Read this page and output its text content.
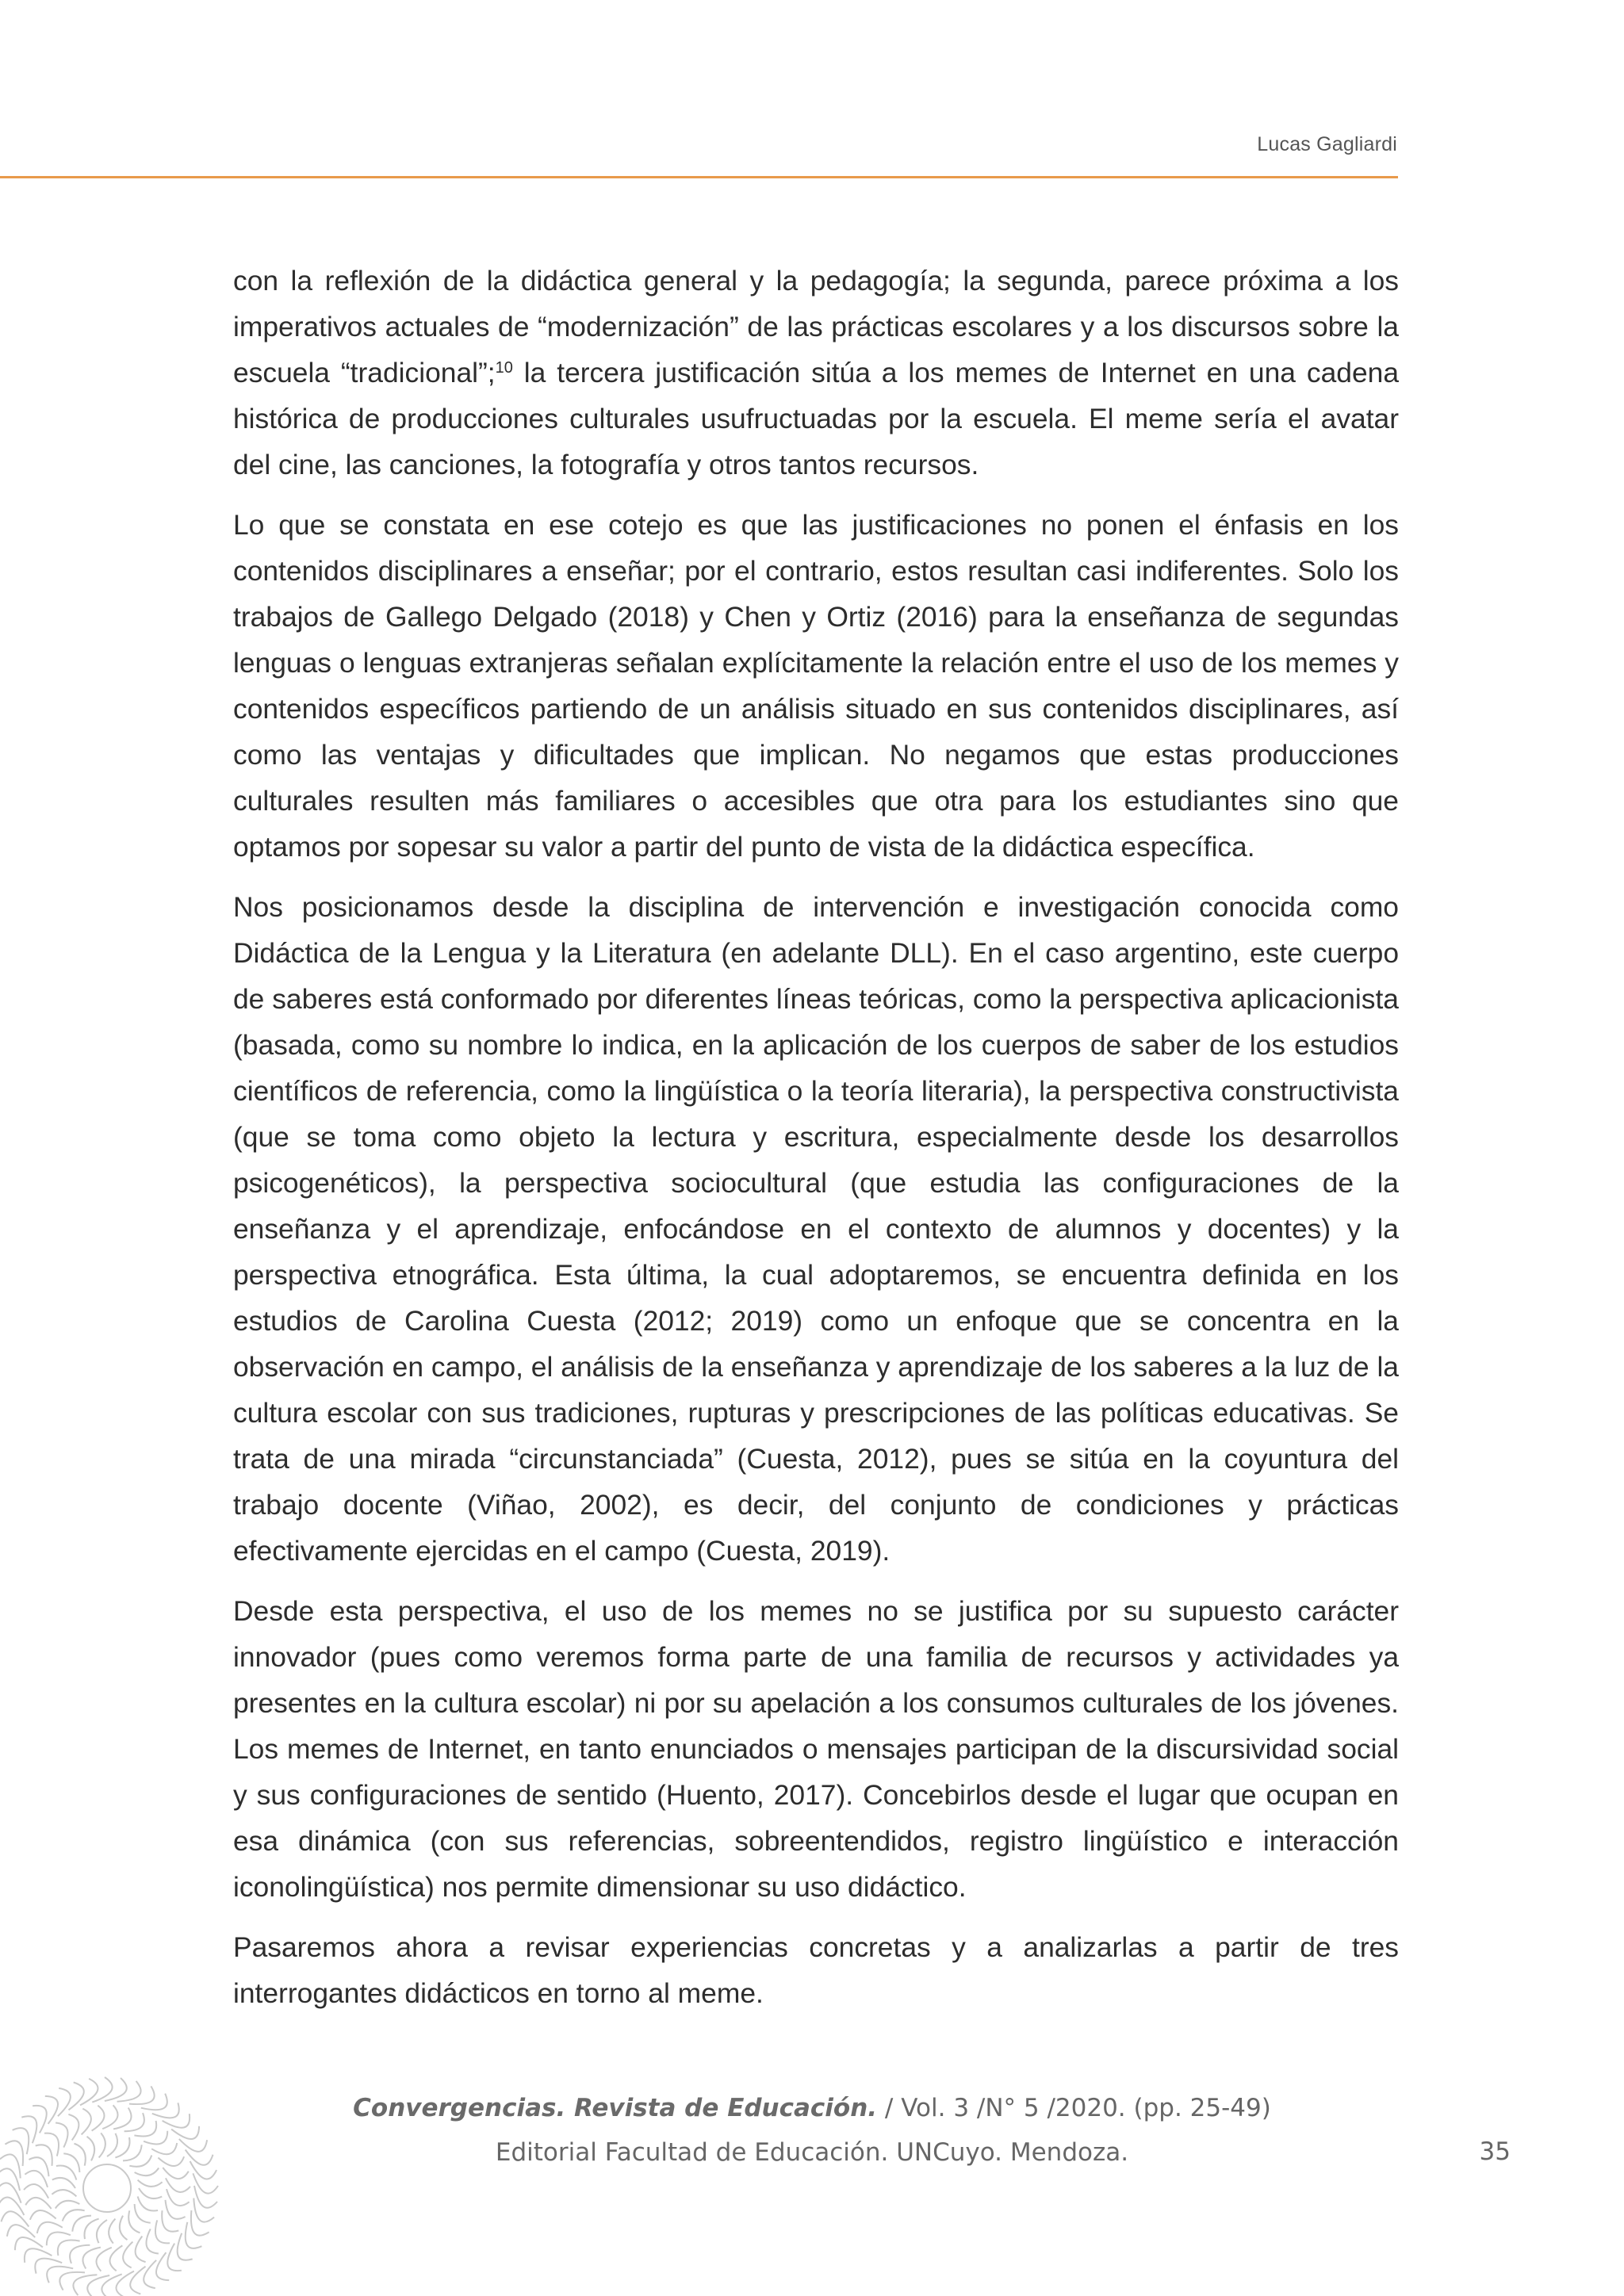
Lucas Gagliardi

con la reflexión de la didáctica general y la pedagogía; la segunda, parece próxima a los imperativos actuales de “modernización” de las prácticas escolares y a los discursos sobre la escuela “tradicional”;$^{10}$ la tercera justificación sitúa a los memes de Internet en una cadena histórica de producciones culturales usufructuadas por la escuela. El meme sería el avatar del cine, las canciones, la fotografía y otros tantos recursos.

Lo que se constata en ese cotejo es que las justificaciones no ponen el énfasis en los contenidos disciplinares a enseñar; por el contrario, estos resultan casi indiferentes. Solo los trabajos de Gallego Delgado (2018) y Chen y Ortiz (2016) para la enseñanza de segundas lenguas o lenguas extranjeras señalan explícitamente la relación entre el uso de los memes y contenidos específicos partiendo de un análisis situado en sus contenidos disciplinares, así como las ventajas y dificultades que implican. No negamos que estas producciones culturales resulten más familiares o accesibles que otra para los estudiantes sino que optamos por sopesar su valor a partir del punto de vista de la didáctica específica.

Nos posicionamos desde la disciplina de intervención e investigación conocida como Didáctica de la Lengua y la Literatura (en adelante DLL). En el caso argentino, este cuerpo de saberes está conformado por diferentes líneas teóricas, como la perspectiva aplicacionista (basada, como su nombre lo indica, en la aplicación de los cuerpos de saber de los estudios científicos de referencia, como la lingüística o la teoría literaria), la perspectiva constructivista (que se toma como objeto la lectura y escritura, especialmente desde los desarrollos psicogenéticos), la perspectiva sociocultural (que estudia las configuraciones de la enseñanza y el aprendizaje, enfocándose en el contexto de alumnos y docentes) y la perspectiva etnográfica. Esta última, la cual adoptaremos, se encuentra definida en los estudios de Carolina Cuesta (2012; 2019) como un enfoque que se concentra en la observación en campo, el análisis de la enseñanza y aprendizaje de los saberes a la luz de la cultura escolar con sus tradiciones, rupturas y prescripciones de las políticas educativas. Se trata de una mirada “circunstanciada” (Cuesta, 2012), pues se sitúa en la coyuntura del trabajo docente (Viñao, 2002), es decir, del conjunto de condiciones y prácticas efectivamente ejercidas en el campo (Cuesta, 2019).

Desde esta perspectiva, el uso de los memes no se justifica por su supuesto carácter innovador (pues como veremos forma parte de una familia de recursos y actividades ya presentes en la cultura escolar) ni por su apelación a los consumos culturales de los jóvenes. Los memes de Internet, en tanto enunciados o mensajes participan de la discursividad social y sus configuraciones de sentido (Huento, 2017). Concebirlos desde el lugar que ocupan en esa dinámica (con sus referencias, sobreentendidos, registro lingüístico e interacción iconolingüística) nos permite dimensionar su uso didáctico.

Pasaremos ahora a revisar experiencias concretas y a analizarlas a partir de tres interrogantes didácticos en torno al meme.

Convergencias. Revista de Educación. / Vol. 3 /N° 5 /2020. (pp. 25-49)
Editorial Facultad de Educación. UNCuyo. Mendoza.	35
